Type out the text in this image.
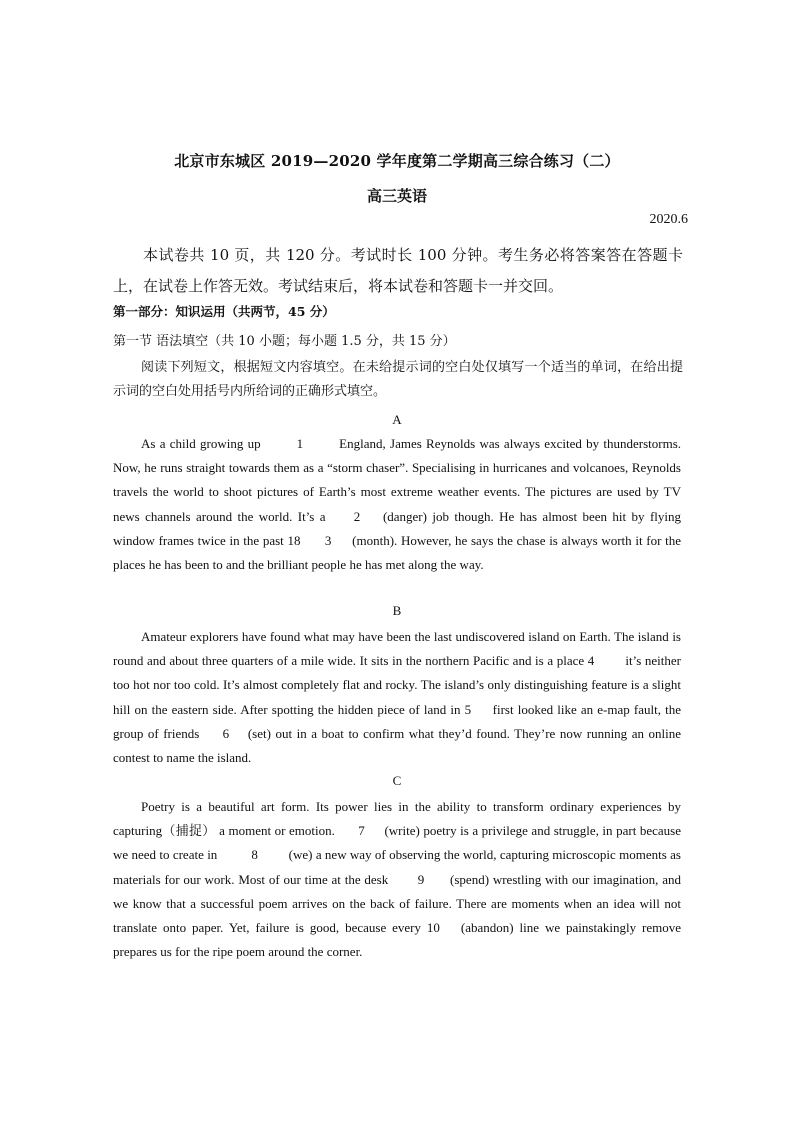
北京市东城区 2019—2020 学年度第二学期高三综合练习（二）
高三英语
2020.6
本试卷共 10 页，共 120 分。考试时长 100 分钟。考生务必将答案答在答题卡上，在试卷上作答无效。考试结束后，将本试卷和答题卡一并交回。
第一部分：知识运用（共两节，45 分）
第一节 语法填空（共 10 小题；每小题 1.5 分，共 15 分）
阅读下列短文，根据短文内容填空。在未给提示词的空白处仅填写一个适当的单词，在给出提示词的空白处用括号内所给词的正确形式填空。
A
As a child growing up 1 England, James Reynolds was always excited by thunderstorms. Now, he runs straight towards them as a “storm chaser”. Specialising in hurricanes and volcanoes, Reynolds travels the world to shoot pictures of Earth’s most extreme weather events. The pictures are used by TV news channels around the world. It’s a 2 (danger) job though. He has almost been hit by flying window frames twice in the past 18 3 (month). However, he says the chase is always worth it for the places he has been to and the brilliant people he has met along the way.
B
Amateur explorers have found what may have been the last undiscovered island on Earth. The island is round and about three quarters of a mile wide. It sits in the northern Pacific and is a place 4 it’s neither too hot nor too cold. It’s almost completely flat and rocky. The island’s only distinguishing feature is a slight hill on the eastern side. After spotting the hidden piece of land in 5 first looked like an e-map fault, the group of friends 6 (set) out in a boat to confirm what they’d found. They’re now running an online contest to name the island.
C
Poetry is a beautiful art form. Its power lies in the ability to transform ordinary experiences by capturing（捕捉） a moment or emotion. 7 (write) poetry is a privilege and struggle, in part because we need to create in 8 (we) a new way of observing the world, capturing microscopic moments as materials for our work. Most of our time at the desk 9 (spend) wrestling with our imagination, and we know that a successful poem arrives on the back of failure. There are moments when an idea will not translate onto paper. Yet, failure is good, because every 10 (abandon) line we painstakingly remove prepares us for the ripe poem around the corner.
